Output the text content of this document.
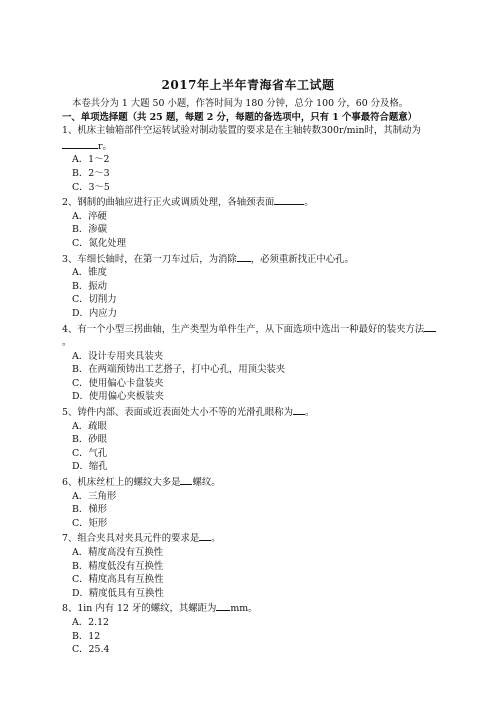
2017年上半年青海省车工试题

本卷共分为 1 大题 50 小题，作答时间为 180 分钟，总分 100 分，60 分及格。

一、单项选择题（共 25 题，每题 2 分，每题的备选项中，只有 1 个事最符合题意）

1、机床主轴箱部件空运转试验对制动装置的要求是在主轴转数300r/min时，其制动为r。

A．1～2

B．2～3

C．3～5

2、钢制的曲轴应进行正火或调质处理，各轴颈表面	。

A．淬硬

B．渗碳

C．氮化处理

3、车细长轴时，在第一刀车过后，为消除 ，必须重新找正中心孔。

A．锥度

B．振动

C．切削力

D．内应力

4、有一个小型三拐曲轴，生产类型为单件生产，从下面选项中选出一种最好的装夹方法。

A．设计专用夹具装夹

B．在两端预铸出工艺搭子，打中心孔，用顶尖装夹

C．使用偏心卡盘装夹

D．使用偏心夹板装夹

5、铸件内部、表面或近表面处大小不等的光滑孔眼称为 。

A．疏眼

B．砂眼

C．气孔

D．缩孔

6、机床丝杠上的螺纹大多是 螺纹。

A．三角形

B．梯形

C．矩形

7、组合夹具对夹具元件的要求是 。

A．精度高没有互换性

B．精度低没有互换性

C．精度高具有互换性

D．精度低具有互换性

8、1in 内有 12 牙的螺纹，其螺距为 mm。

A．2.12

B．12

C．25.4
